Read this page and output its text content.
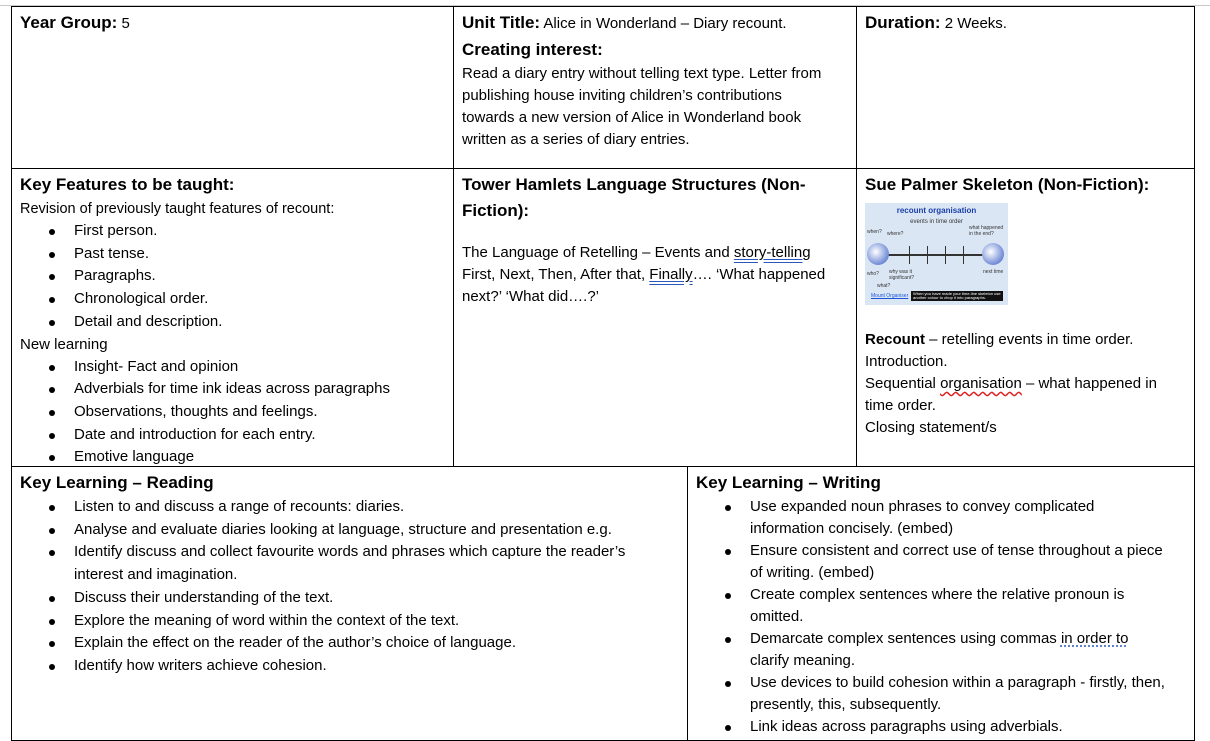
Year Group: 5	Unit Title: Alice in Wonderland – Diary recount.
Creating interest:
Read a diary entry without telling text type. Letter from publishing house inviting children’s contributions towards a new version of Alice in Wonderland book written as a series of diary entries.
Duration: 2 Weeks.
Key Features to be taught:
Revision of previously taught features of recount:
First person.
Past tense.
Paragraphs.
Chronological order.
Detail and description.
New learning
Insight- Fact and opinion
Adverbials for time ink ideas across paragraphs
Observations, thoughts and feelings.
Date and introduction for each entry.
Emotive language
Tower Hamlets Language Structures (Non-Fiction):
The Language of Retelling – Events and story-telling
First, Next, Then, After that, Finally…. ‘What happened next?’ ‘What did….?’
Sue Palmer Skeleton (Non-Fiction):
recount organisation
events in time order
when? where?
what happened in the end?
who?
what?
why was it significant?
next time
When you have made your time-line skeleton use another colour to chop it into paragraphs.
Mount Organiser
Recount – retelling events in time order.
Introduction.
Sequential organisation – what happened in time order.
Closing statement/s
Key Learning – Reading
Listen to and discuss a range of recounts: diaries.
Analyse and evaluate diaries looking at language, structure and presentation e.g.
Identify discuss and collect favourite words and phrases which capture the reader’s interest and imagination.
Discuss their understanding of the text.
Explore the meaning of word within the context of the text.
Explain the effect on the reader of the author’s choice of language.
Identify how writers achieve cohesion.
Key Learning – Writing
Use expanded noun phrases to convey complicated information concisely. (embed)
Ensure consistent and correct use of tense throughout a piece of writing. (embed)
Create complex sentences where the relative pronoun is omitted.
Demarcate complex sentences using commas in order to clarify meaning.
Use devices to build cohesion within a paragraph - firstly, then, presently, this, subsequently.
Link ideas across paragraphs using adverbials.
